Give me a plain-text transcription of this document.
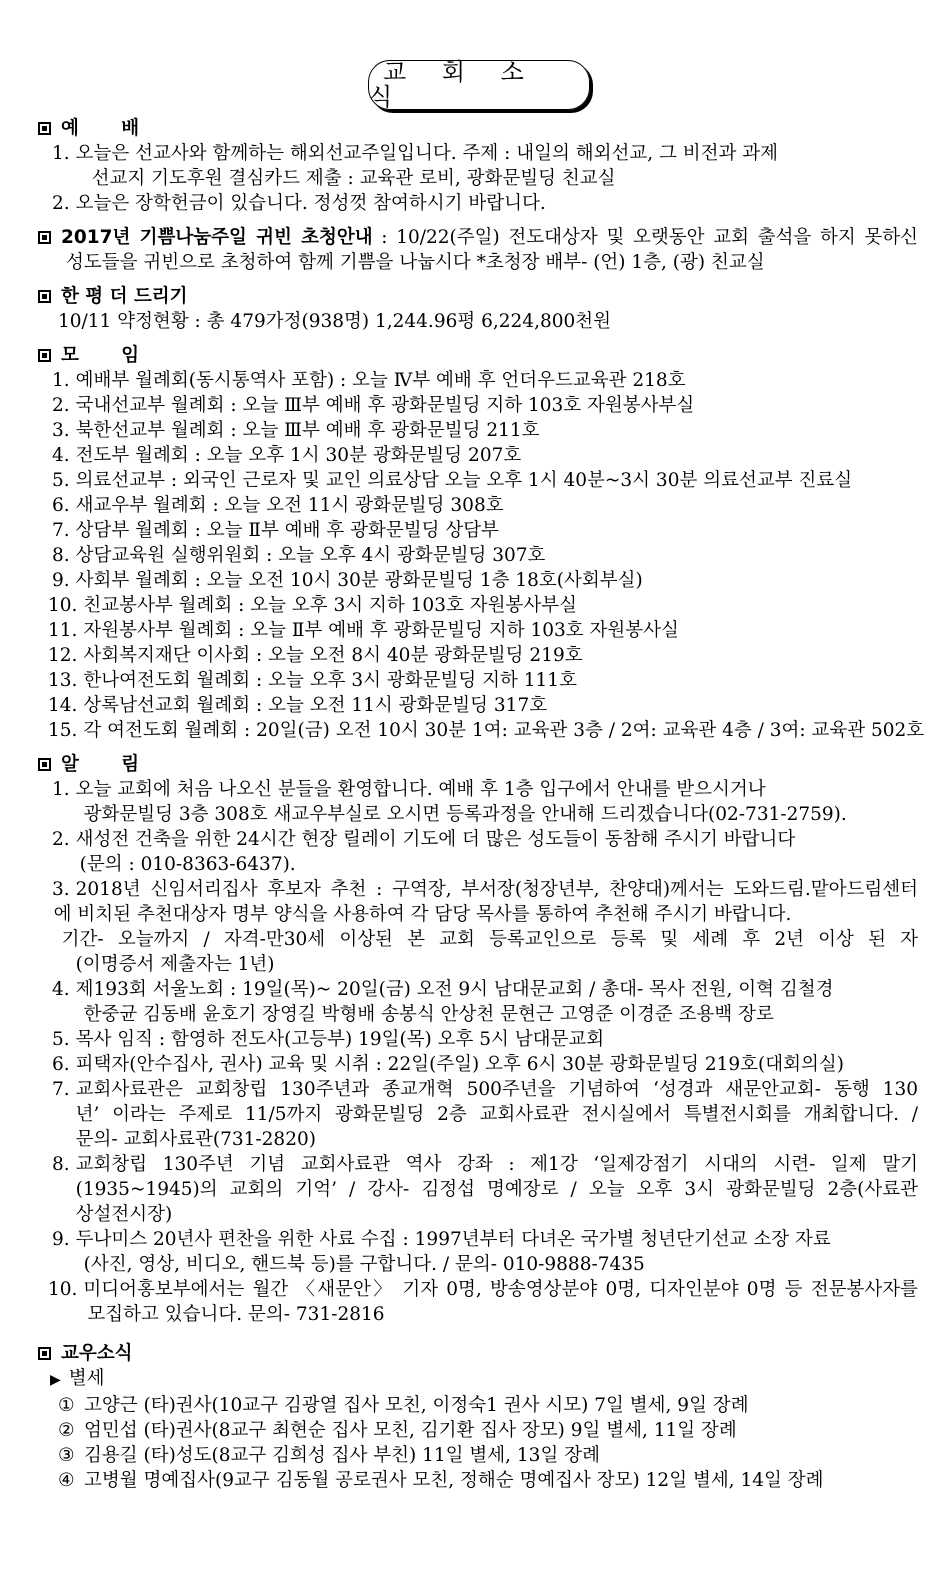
교 회 소 식
예 배
1. 오늘은 선교사와 함께하는 해외선교주일입니다. 주제 : 내일의 해외선교, 그 비전과 과제
선교지 기도후원 결심카드 제출 : 교육관 로비, 광화문빌딩 친교실
2. 오늘은 장학헌금이 있습니다. 정성껏 참여하시기 바랍니다.
2017년 기쁨나눔주일 귀빈 초청안내 : 10/22(주일) 전도대상자 및 오랫동안 교회 출석을 하지 못하신
성도들을 귀빈으로 초청하여 함께 기쁨을 나눕시다 *초청장 배부- (언) 1층, (광) 친교실
한 평 더 드리기
10/11 약정현황 : 총 479가정(938명) 1,244.96평 6,224,800천원
모 임
1. 예배부 월례회(동시통역사 포함) : 오늘 Ⅳ부 예배 후 언더우드교육관 218호
2. 국내선교부 월례회 : 오늘 Ⅲ부 예배 후 광화문빌딩 지하 103호 자원봉사부실
3. 북한선교부 월례회 : 오늘 Ⅲ부 예배 후 광화문빌딩 211호
4. 전도부 월례회 : 오늘 오후 1시 30분 광화문빌딩 207호
5. 의료선교부 : 외국인 근로자 및 교인 의료상담 오늘 오후 1시 40분~3시 30분 의료선교부 진료실
6. 새교우부 월례회 : 오늘 오전 11시 광화문빌딩 308호
7. 상담부 월례회 : 오늘 Ⅱ부 예배 후 광화문빌딩 상담부
8. 상담교육원 실행위원회 : 오늘 오후 4시 광화문빌딩 307호
9. 사회부 월례회 : 오늘 오전 10시 30분 광화문빌딩 1층 18호(사회부실)
10. 친교봉사부 월례회 : 오늘 오후 3시 지하 103호 자원봉사부실
11. 자원봉사부 월례회 : 오늘 Ⅱ부 예배 후 광화문빌딩 지하 103호 자원봉사실
12. 사회복지재단 이사회 : 오늘 오전 8시 40분 광화문빌딩 219호
13. 한나여전도회 월례회 : 오늘 오후 3시 광화문빌딩 지하 111호
14. 상록남선교회 월례회 : 오늘 오전 11시 광화문빌딩 317호
15. 각 여전도회 월례회 : 20일(금) 오전 10시 30분 1여: 교육관 3층 / 2여: 교육관 4층 / 3여: 교육관 502호
알 림
1. 오늘 교회에 처음 나오신 분들을 환영합니다. 예배 후 1층 입구에서 안내를 받으시거나
광화문빌딩 3층 308호 새교우부실로 오시면 등록과정을 안내해 드리겠습니다(02-731-2759).
2. 새성전 건축을 위한 24시간 현장 릴레이 기도에 더 많은 성도들이 동참해 주시기 바랍니다
(문의 : 010-8363-6437).
3. 2018년 신임서리집사 후보자 추천 : 구역장, 부서장(청장년부, 찬양대)께서는 도와드림.맡아드림센터
에 비치된 추천대상자 명부 양식을 사용하여 각 담당 목사를 통하여 추천해 주시기 바랍니다.
기간- 오늘까지 / 자격-만30세 이상된 본 교회 등록교인으로 등록 및 세례 후 2년 이상 된 자
(이명증서 제출자는 1년)
4. 제193회 서울노회 : 19일(목)~ 20일(금) 오전 9시 남대문교회 / 총대- 목사 전원, 이혁 김철경
한중균 김동배 윤호기 장영길 박형배 송봉식 안상천 문현근 고영준 이경준 조용백 장로
5. 목사 임직 : 함영하 전도사(고등부) 19일(목) 오후 5시 남대문교회
6. 피택자(안수집사, 권사) 교육 및 시취 : 22일(주일) 오후 6시 30분 광화문빌딩 219호(대회의실)
7. 교회사료관은 교회창립 130주년과 종교개혁 500주년을 기념하여 ‘성경과 새문안교회- 동행 130
년’ 이라는 주제로 11/5까지 광화문빌딩 2층 교회사료관 전시실에서 특별전시회를 개최합니다. /
문의- 교회사료관(731-2820)
8. 교회창립 130주년 기념 교회사료관 역사 강좌 : 제1강 ‘일제강점기 시대의 시련- 일제 말기
(1935~1945)의 교회의 기억’ / 강사- 김정섭 명예장로 / 오늘 오후 3시 광화문빌딩 2층(사료관
상설전시장)
9. 두나미스 20년사 편찬을 위한 사료 수집 : 1997년부터 다녀온 국가별 청년단기선교 소장 자료
(사진, 영상, 비디오, 핸드북 등)를 구합니다. / 문의- 010-9888-7435
10. 미디어홍보부에서는 월간 〈새문안〉 기자 0명, 방송영상분야 0명, 디자인분야 0명 등 전문봉사자를
모집하고 있습니다. 문의- 731-2816
교우소식
▶ 별세
① 고양근 (타)권사(10교구 김광열 집사 모친, 이정숙1 권사 시모) 7일 별세, 9일 장례
② 엄민섭 (타)권사(8교구 최현순 집사 모친, 김기환 집사 장모) 9일 별세, 11일 장례
③ 김용길 (타)성도(8교구 김희성 집사 부친) 11일 별세, 13일 장례
④ 고병월 명예집사(9교구 김동월 공로권사 모친, 정해순 명예집사 장모) 12일 별세, 14일 장례
